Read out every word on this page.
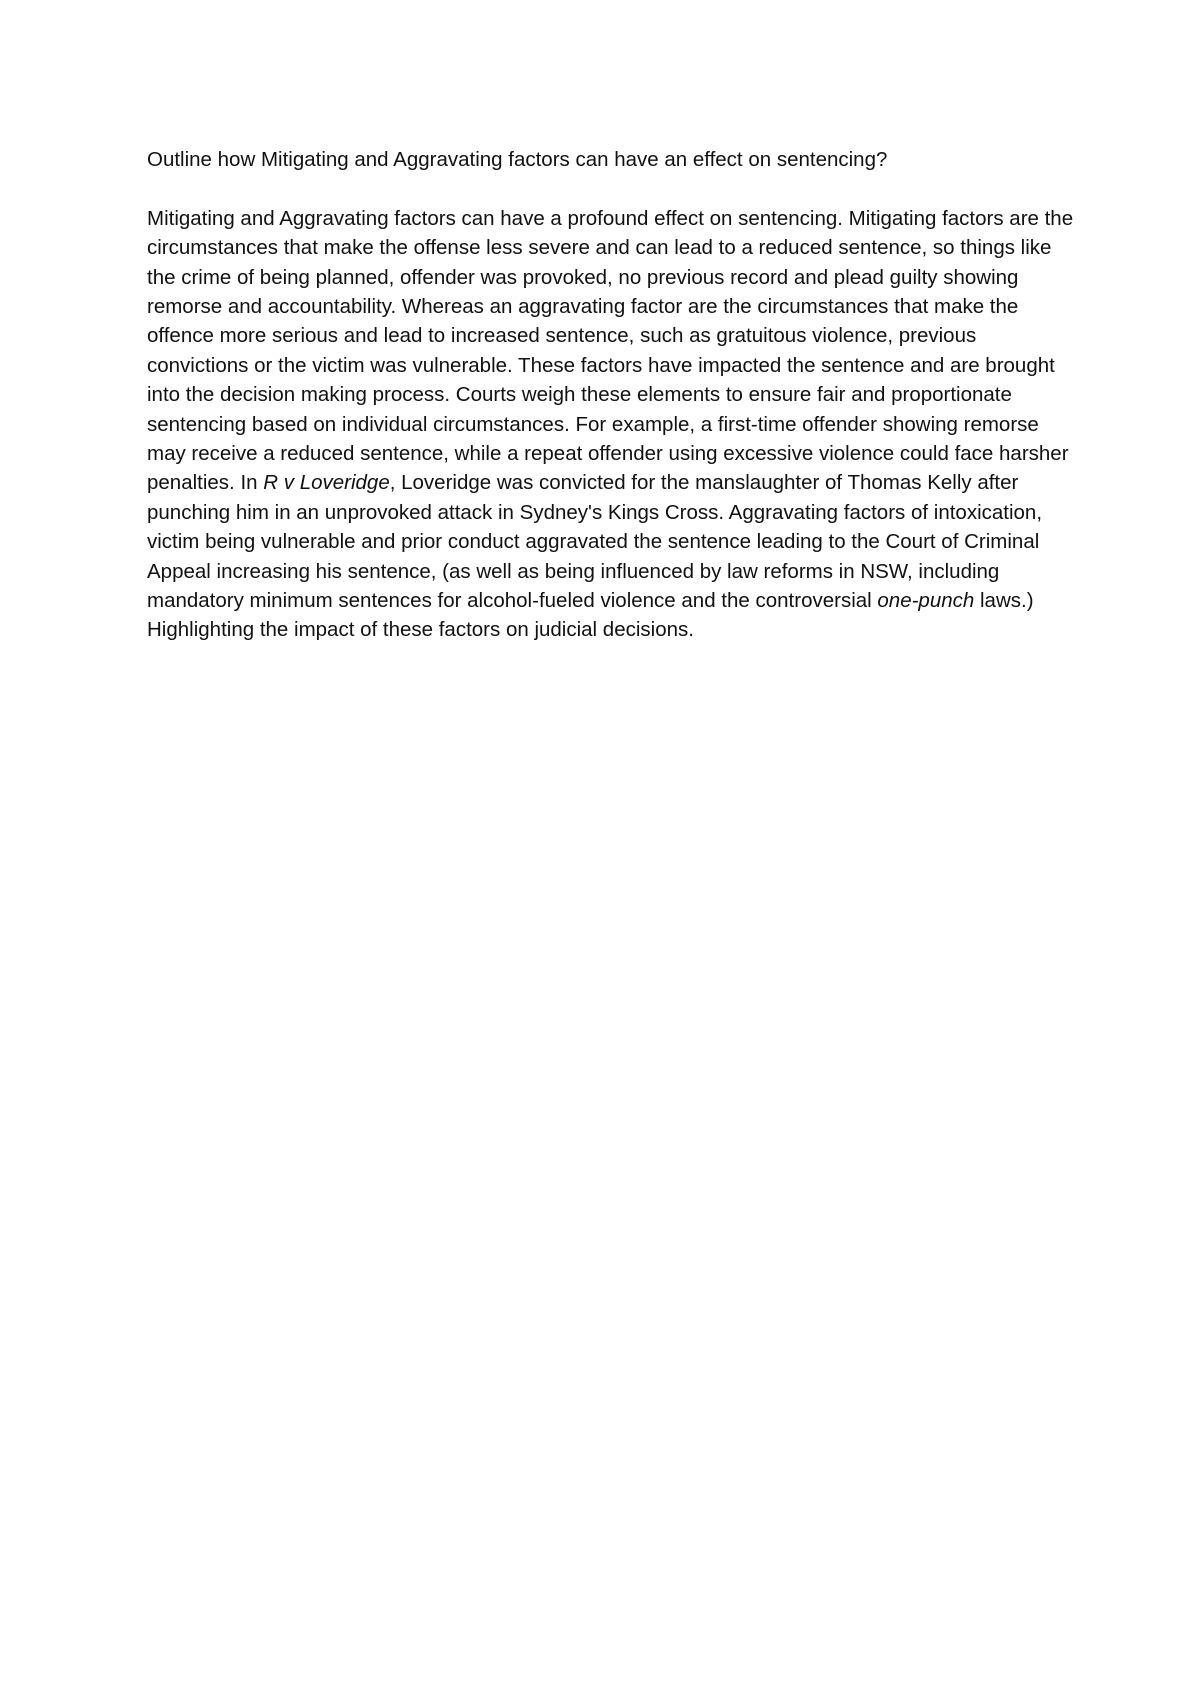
Outline how Mitigating and Aggravating factors can have an effect on sentencing?

Mitigating and Aggravating factors can have a profound effect on sentencing. Mitigating factors are the circumstances that make the offense less severe and can lead to a reduced sentence, so things like the crime of being planned, offender was provoked, no previous record and plead guilty showing remorse and accountability. Whereas an aggravating factor are the circumstances that make the offence more serious and lead to increased sentence, such as gratuitous violence, previous convictions or the victim was vulnerable. These factors have impacted the sentence and are brought into the decision making process. Courts weigh these elements to ensure fair and proportionate sentencing based on individual circumstances. For example, a first-time offender showing remorse may receive a reduced sentence, while a repeat offender using excessive violence could face harsher penalties. In R v Loveridge, Loveridge was convicted for the manslaughter of Thomas Kelly after punching him in an unprovoked attack in Sydney's Kings Cross. Aggravating factors of intoxication, victim being vulnerable and prior conduct aggravated the sentence leading to the Court of Criminal Appeal increasing his sentence, (as well as being influenced by law reforms in NSW, including mandatory minimum sentences for alcohol-fueled violence and the controversial one-punch laws.) Highlighting the impact of these factors on judicial decisions.
